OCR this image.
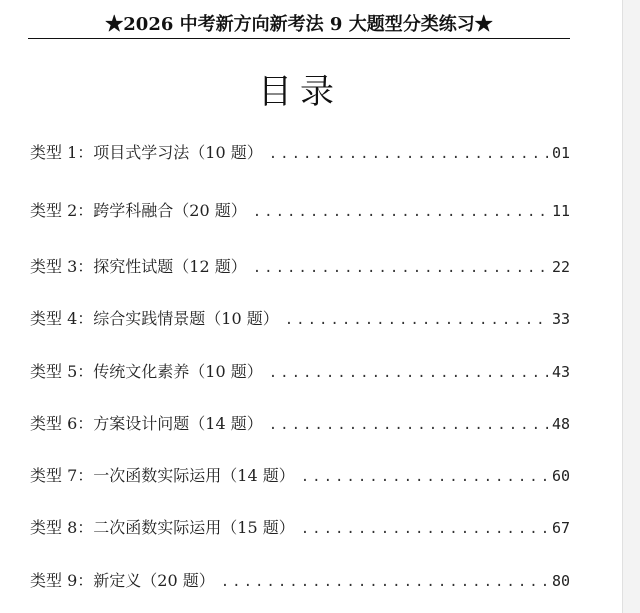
★2026 中考新方向新考法 9 大题型分类练习★
目录
类型 1：项目式学习法（10 题） .....	01
类型 2：跨学科融合（20 题） .....	11
类型 3：探究性试题（12 题） .....	22
类型 4：综合实践情景题（10 题） .....	33
类型 5：传统文化素养（10 题） .....	43
类型 6：方案设计问题（14 题） .....	48
类型 7：一次函数实际运用（14 题） .....	60
类型 8：二次函数实际运用（15 题） .....	67
类型 9：新定义（20 题） .....	80
